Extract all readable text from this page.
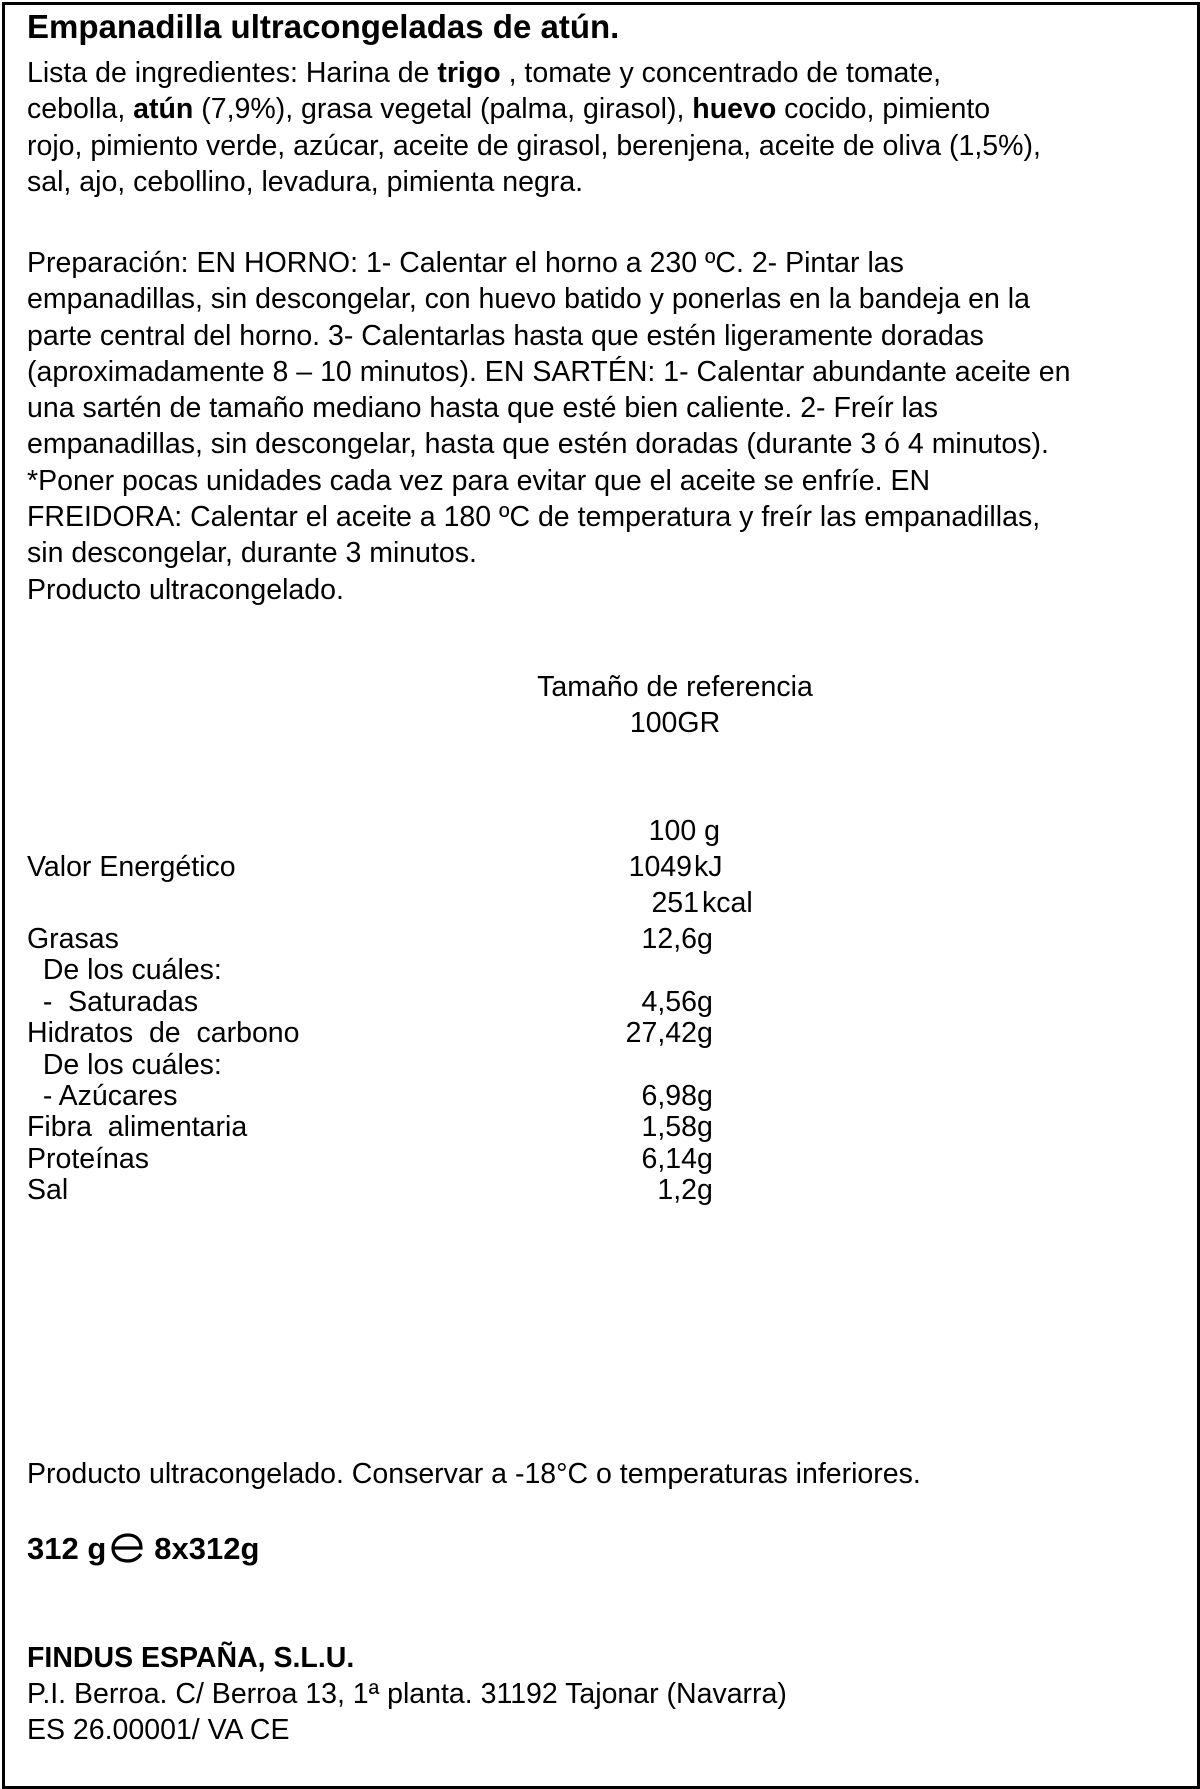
Empanadilla ultracongeladas de atún.
Lista de ingredientes: Harina de trigo , tomate y concentrado de tomate,
cebolla, atún (7,9%), grasa vegetal (palma, girasol), huevo cocido, pimiento
rojo, pimiento verde, azúcar, aceite de girasol, berenjena, aceite de oliva (1,5%),
sal, ajo, cebollino, levadura, pimienta negra.
Preparación: EN HORNO: 1- Calentar el horno a 230 ºC. 2- Pintar las
empanadillas, sin descongelar, con huevo batido y ponerlas en la bandeja en la
parte central del horno. 3- Calentarlas hasta que estén ligeramente doradas
(aproximadamente 8 – 10 minutos). EN SARTÉN: 1- Calentar abundante aceite en
una sartén de tamaño mediano hasta que esté bien caliente. 2- Freír las
empanadillas, sin descongelar, hasta que estén doradas (durante 3 ó 4 minutos).
*Poner pocas unidades cada vez para evitar que el aceite se enfríe. EN
FREIDORA: Calentar el aceite a 180 ºC de temperatura y freír las empanadillas,
sin descongelar, durante 3 minutos.
Producto ultracongelado.
Tamaño de referencia
100GR
100 g
Valor Energético	1049 kJ
251 kcal
Grasas	12,6 g
De los cuáles:
-  Saturadas	4,56 g
Hidratos  de  carbono	27,42 g
De los cuáles:
- Azúcares	6,98 g
Fibra  alimentaria	1,58 g
Proteínas	6,14 g
Sal	1,2 g
Producto ultracongelado. Conservar a -18°C o temperaturas inferiores.
312 g 8x312g
FINDUS ESPAÑA, S.L.U.
P.I. Berroa. C/ Berroa 13, 1ª planta. 31192 Tajonar (Navarra)
ES 26.00001/ VA CE
